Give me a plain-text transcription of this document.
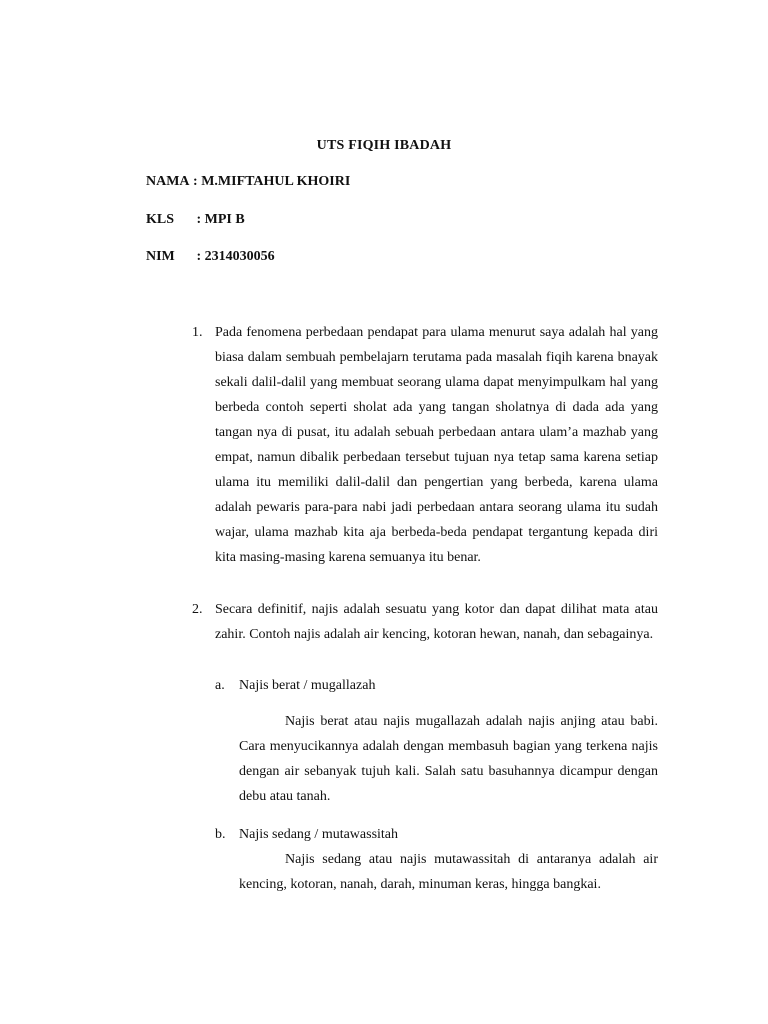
UTS FIQIH IBADAH
NAMA : M.MIFTAHUL KHOIRI
KLS : MPI B
NIM : 2314030056
1. Pada fenomena perbedaan pendapat para ulama menurut saya adalah hal yang biasa dalam sembuah pembelajarn terutama pada masalah fiqih karena bnayak sekali dalil-dalil yang membuat seorang ulama dapat menyimpulkam hal yang berbeda contoh seperti sholat ada yang tangan sholatnya di dada ada yang tangan nya di pusat, itu adalah sebuah perbedaan antara ulam’a mazhab yang empat, namun dibalik perbedaan tersebut tujuan nya tetap sama karena setiap ulama itu memiliki dalil-dalil dan pengertian yang berbeda, karena ulama adalah pewaris para-para nabi jadi perbedaan antara seorang ulama itu sudah wajar, ulama mazhab kita aja berbeda-beda pendapat tergantung kepada diri kita masing-masing karena semuanya itu benar.
2. Secara definitif, najis adalah sesuatu yang kotor dan dapat dilihat mata atau zahir. Contoh najis adalah air kencing, kotoran hewan, nanah, dan sebagainya.
a. Najis berat / mugallazah
Najis berat atau najis mugallazah adalah najis anjing atau babi. Cara menyucikannya adalah dengan membasuh bagian yang terkena najis dengan air sebanyak tujuh kali. Salah satu basuhannya dicampur dengan debu atau tanah.
b. Najis sedang / mutawassitah
Najis sedang atau najis mutawassitah di antaranya adalah air kencing, kotoran, nanah, darah, minuman keras, hingga bangkai.
